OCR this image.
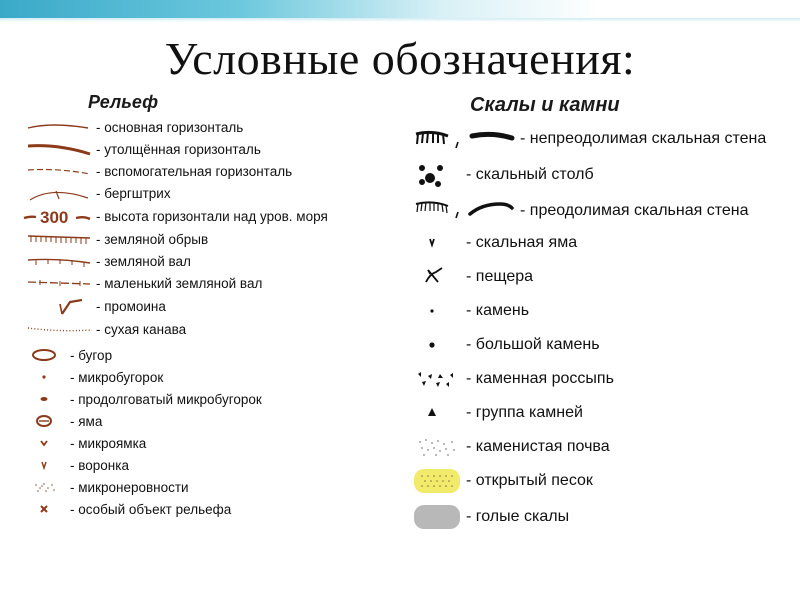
Условные обозначения:
Рельеф
- основная горизонталь
- утолщённая горизонталь
- вспомогательная горизонталь
- бергштрих
300 - высота горизонтали над уров. моря
- земляной обрыв
- земляной вал
- маленький земляной вал
- промоина
- сухая канава
- бугор
- микробугорок
- продолговатый микробугорок
- яма
- микроямка
- воронка
- микронеровности
- особый объект рельефа
Скалы и камни
- непреодолимая скальная стена
- скальный столб
- преодолимая скальная стена
- скальная яма
- пещера
- камень
- большой камень
- каменная россыпь
- группа камней
- каменистая почва
- открытый песок
- голые скалы
